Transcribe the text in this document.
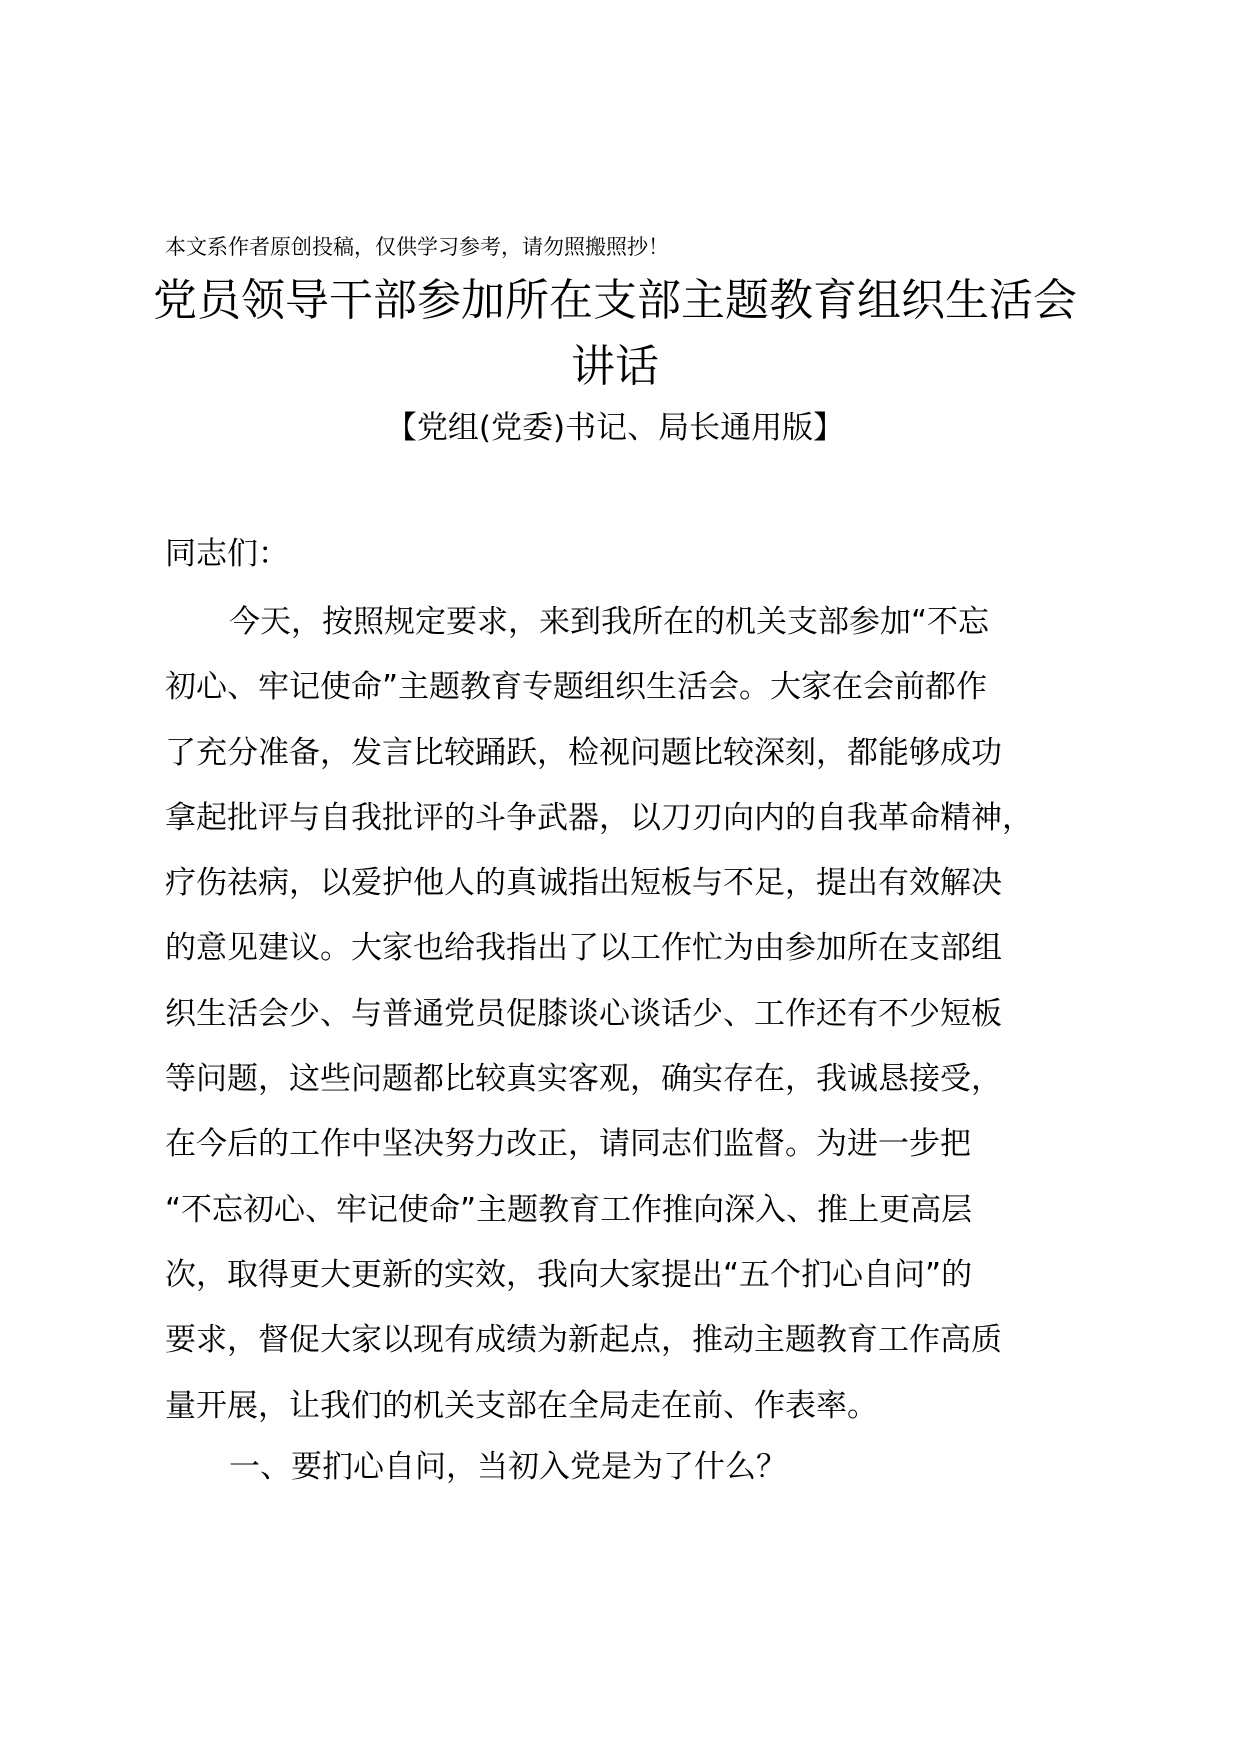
本文系作者原创投稿，仅供学习参考，请勿照搬照抄！
党员领导干部参加所在支部主题教育组织生活会讲话
【党组(党委)书记、局长通用版】
同志们：
今天，按照规定要求，来到我所在的机关支部参加“不忘
初心、牢记使命”主题教育专题组织生活会。大家在会前都作
了充分准备，发言比较踊跃，检视问题比较深刻，都能够成功
拿起批评与自我批评的斗争武器，以刀刃向内的自我革命精神，
疗伤祛病，以爱护他人的真诚指出短板与不足，提出有效解决
的意见建议。大家也给我指出了以工作忙为由参加所在支部组
织生活会少、与普通党员促膝谈心谈话少、工作还有不少短板
等问题，这些问题都比较真实客观，确实存在，我诚恳接受，
在今后的工作中坚决努力改正，请同志们监督。为进一步把
“不忘初心、牢记使命”主题教育工作推向深入、推上更高层
次，取得更大更新的实效，我向大家提出“五个扪心自问”的
要求，督促大家以现有成绩为新起点，推动主题教育工作高质
量开展，让我们的机关支部在全局走在前、作表率。
一、要扪心自问，当初入党是为了什么？
